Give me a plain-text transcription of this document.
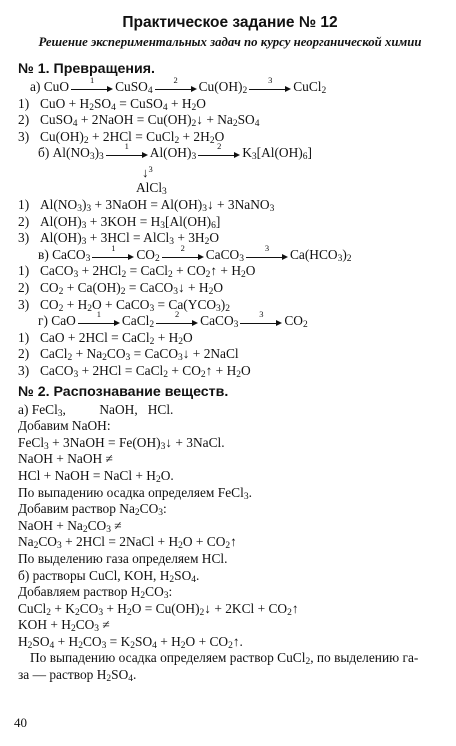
Практическое задание № 12
Решение экспериментальных задач по курсу неорганической химии
№ 1. Превращения.
а) CuO	1	CuSO$_4$
2	$Cu(OH)_2$
3	CuCl$_2$
1) CuO + $H_2SO_4$ = CuSO$_4$ + $H_2O$
2) CuSO$_4$ + 2NaOH = $Cu(OH)_2↓ + Na_2SO_4$
3) $Cu(OH)_2 + 2HCl$ = CuCl$_2$ + $2H_2O$
б) $Al(NO_3)_3$
1	$Al(OH)_3$
2	$K_3[Al(OH)_6]$
↓$^3$
AlCl$_3$
1) $Al(NO_3)_3$ + 3NaOH = $Al(OH)_3↓$ + 3NaNO$_3$
2) $Al(OH)_3 + 3KOH = H_3[Al(OH)_6]$
3) $Al(OH)_3 + 3HCl$ = AlCl$_3$ + $3H_2O$
в) CaCO$_3$
1	$CO_2$
2	CaCO$_3$
3	$Ca(HCO_3)_2$
1) CaCO$_3$ + 2HCl$_2$ = CaCl$_2$ + $CO_2↑ + H_2O$
2) $CO_2 + Ca(OH)_2$ = CaCO$_3$↓ + $H_2O$
3) $CO_2 + H_2O$ + CaCO$_3$ = $Ca(YCO_3)_2$
г) CaO	1	CaCl$_2$
2	CaCO$_3$
3	$CO_2$
1) CaO + 2HCl = CaCl$_2$ + $H_2O$
2) CaCl$_2$ + $Na_2CO_3$ = CaCO$_3$↓ + 2NaCl
3) CaCO$_3$ + 2HCl = CaCl$_2$ + $CO_2↑ + H_2O$
№ 2. Распознавание веществ.
а) FeCl$_3$,          NaOH,   HCl.
Добавим NaOH:
FeCl$_3$ + 3NaOH = $Fe(OH)_3↓$ + 3NaCl.
NaOH + NaOH ≠
HCl + NaOH = NaCl + $H_2O$.
По выпадению осадка определяем FeCl$_3$.
Добавим раствор $Na_2CO_3$:
NaOH + $Na_2CO_3$ ≠
$Na_2CO_3 + 2HCl$ = 2NaCl + $H_2O$ + $CO_2↑$
По выделению газа определяем HCl.
б) растворы CuCl, KOH, $H_2SO_4$.
Добавляем раствор $H_2CO_3$:
CuCl$_2$ + $K_2CO_3 + H_2O$ = $Cu(OH)_2↓ + 2KCl$ + $CO_2↑$
KOH + $H_2CO_3$ ≠
$H_2SO_4 + H_2CO_3 = K_2SO_4 + H_2O$ + $CO_2↑$.
По выпадению осадка определяем раствор CuCl$_2$, по выделению га-
за — раствор $H_2SO_4$.
40
